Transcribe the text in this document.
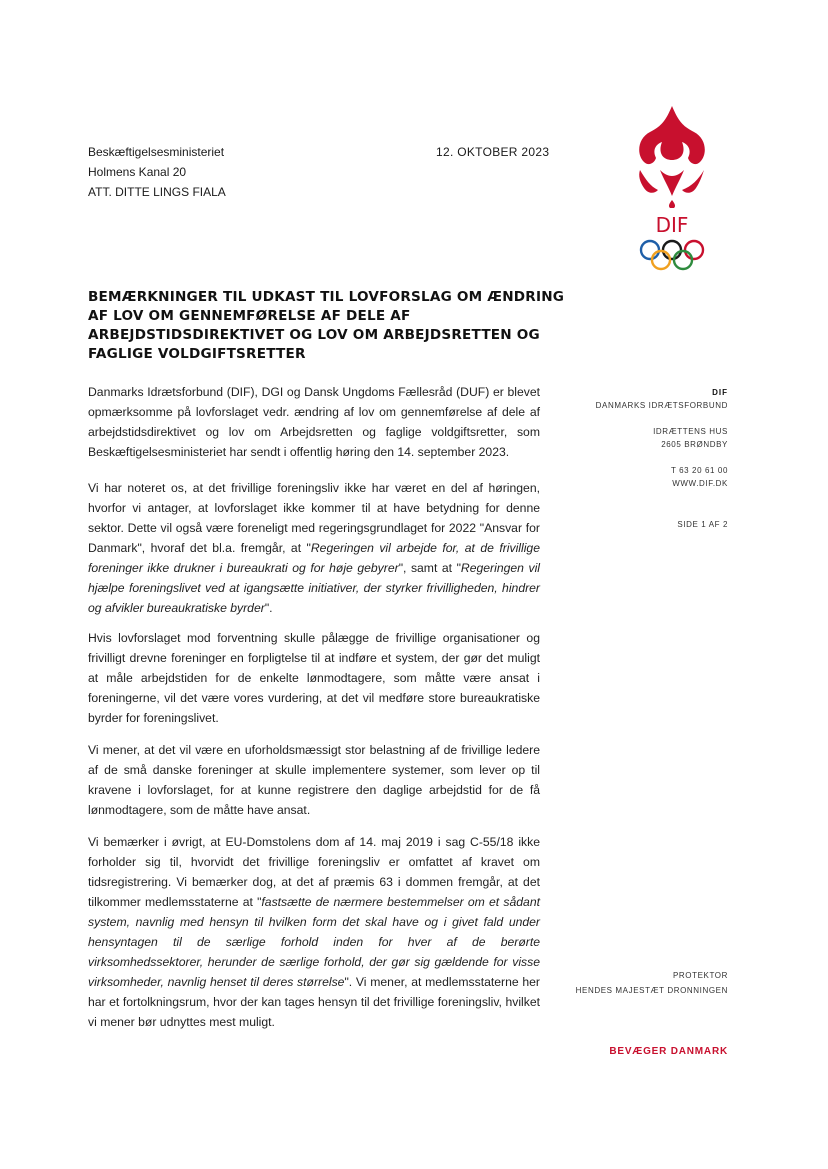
Beskæftigelsesministeriet
Holmens Kanal 20
ATT. DITTE LINGS FIALA
12. OKTOBER 2023
DIF
BEMÆRKNINGER TIL UDKAST TIL LOVFORSLAG OM ÆNDRING
AF LOV OM GENNEMFØRELSE AF DELE AF
ARBEJDSTIDSDIREKTIVET OG LOV OM ARBEJDSRETTEN OG
FAGLIGE VOLDGIFTSRETTER

Danmarks Idrætsforbund (DIF), DGI og Dansk Ungdoms Fællesråd (DUF) er blevet opmærksomme på lovforslaget vedr. ændring af lov om gennemførelse af dele af arbejdstidsdirektivet og lov om Arbejdsretten og faglige voldgiftsretter, som Beskæftigelsesministeriet har sendt i offentlig høring den 14. september 2023.

Vi har noteret os, at det frivillige foreningsliv ikke har været en del af høringen, hvorfor vi antager, at lovforslaget ikke kommer til at have betydning for denne sektor. Dette vil også være foreneligt med regeringsgrundlaget for 2022 "Ansvar for Danmark", hvoraf det bl.a. fremgår, at "Regeringen vil arbejde for, at de frivillige foreninger ikke drukner i bureaukrati og for høje gebyrer", samt at "Regeringen vil hjælpe foreningslivet ved at igangsætte initiativer, der styrker frivilligheden, hindrer og afvikler bureaukratiske byrder".

Hvis lovforslaget mod forventning skulle pålægge de frivillige organisationer og frivilligt drevne foreninger en forpligtelse til at indføre et system, der gør det muligt at måle arbejdstiden for de enkelte lønmodtagere, som måtte være ansat i foreningerne, vil det være vores vurdering, at det vil medføre store bureaukratiske byrder for foreningslivet.

Vi mener, at det vil være en uforholdsmæssigt stor belastning af de frivillige ledere af de små danske foreninger at skulle implementere systemer, som lever op til kravene i lovforslaget, for at kunne registrere den daglige arbejdstid for de få lønmodtagere, som de måtte have ansat.

Vi bemærker i øvrigt, at EU-Domstolens dom af 14. maj 2019 i sag C-55/18 ikke forholder sig til, hvorvidt det frivillige foreningsliv er omfattet af kravet om tidsregistrering. Vi bemærker dog, at det af præmis 63 i dommen fremgår, at det tilkommer medlemsstaterne at "fastsætte de nærmere bestemmelser om et sådant system, navnlig med hensyn til hvilken form det skal have og i givet fald under hensyntagen til de særlige forhold inden for hver af de berørte virksomhedssektorer, herunder de særlige forhold, der gør sig gældende for visse virksomheder, navnlig henset til deres størrelse". Vi mener, at medlemsstaterne her har et fortolkningsrum, hvor der kan tages hensyn til det frivillige foreningsliv, hvilket vi mener bør udnyttes mest muligt.

DIF
DANMARKS IDRÆTSFORBUND
IDRÆTTENS HUS
2605 BRØNDBY
T 63 20 61 00
WWW.DIF.DK
SIDE 1 AF 2
PROTEKTOR
HENDES MAJESTÆT DRONNINGEN
BEVÆGER DANMARK
